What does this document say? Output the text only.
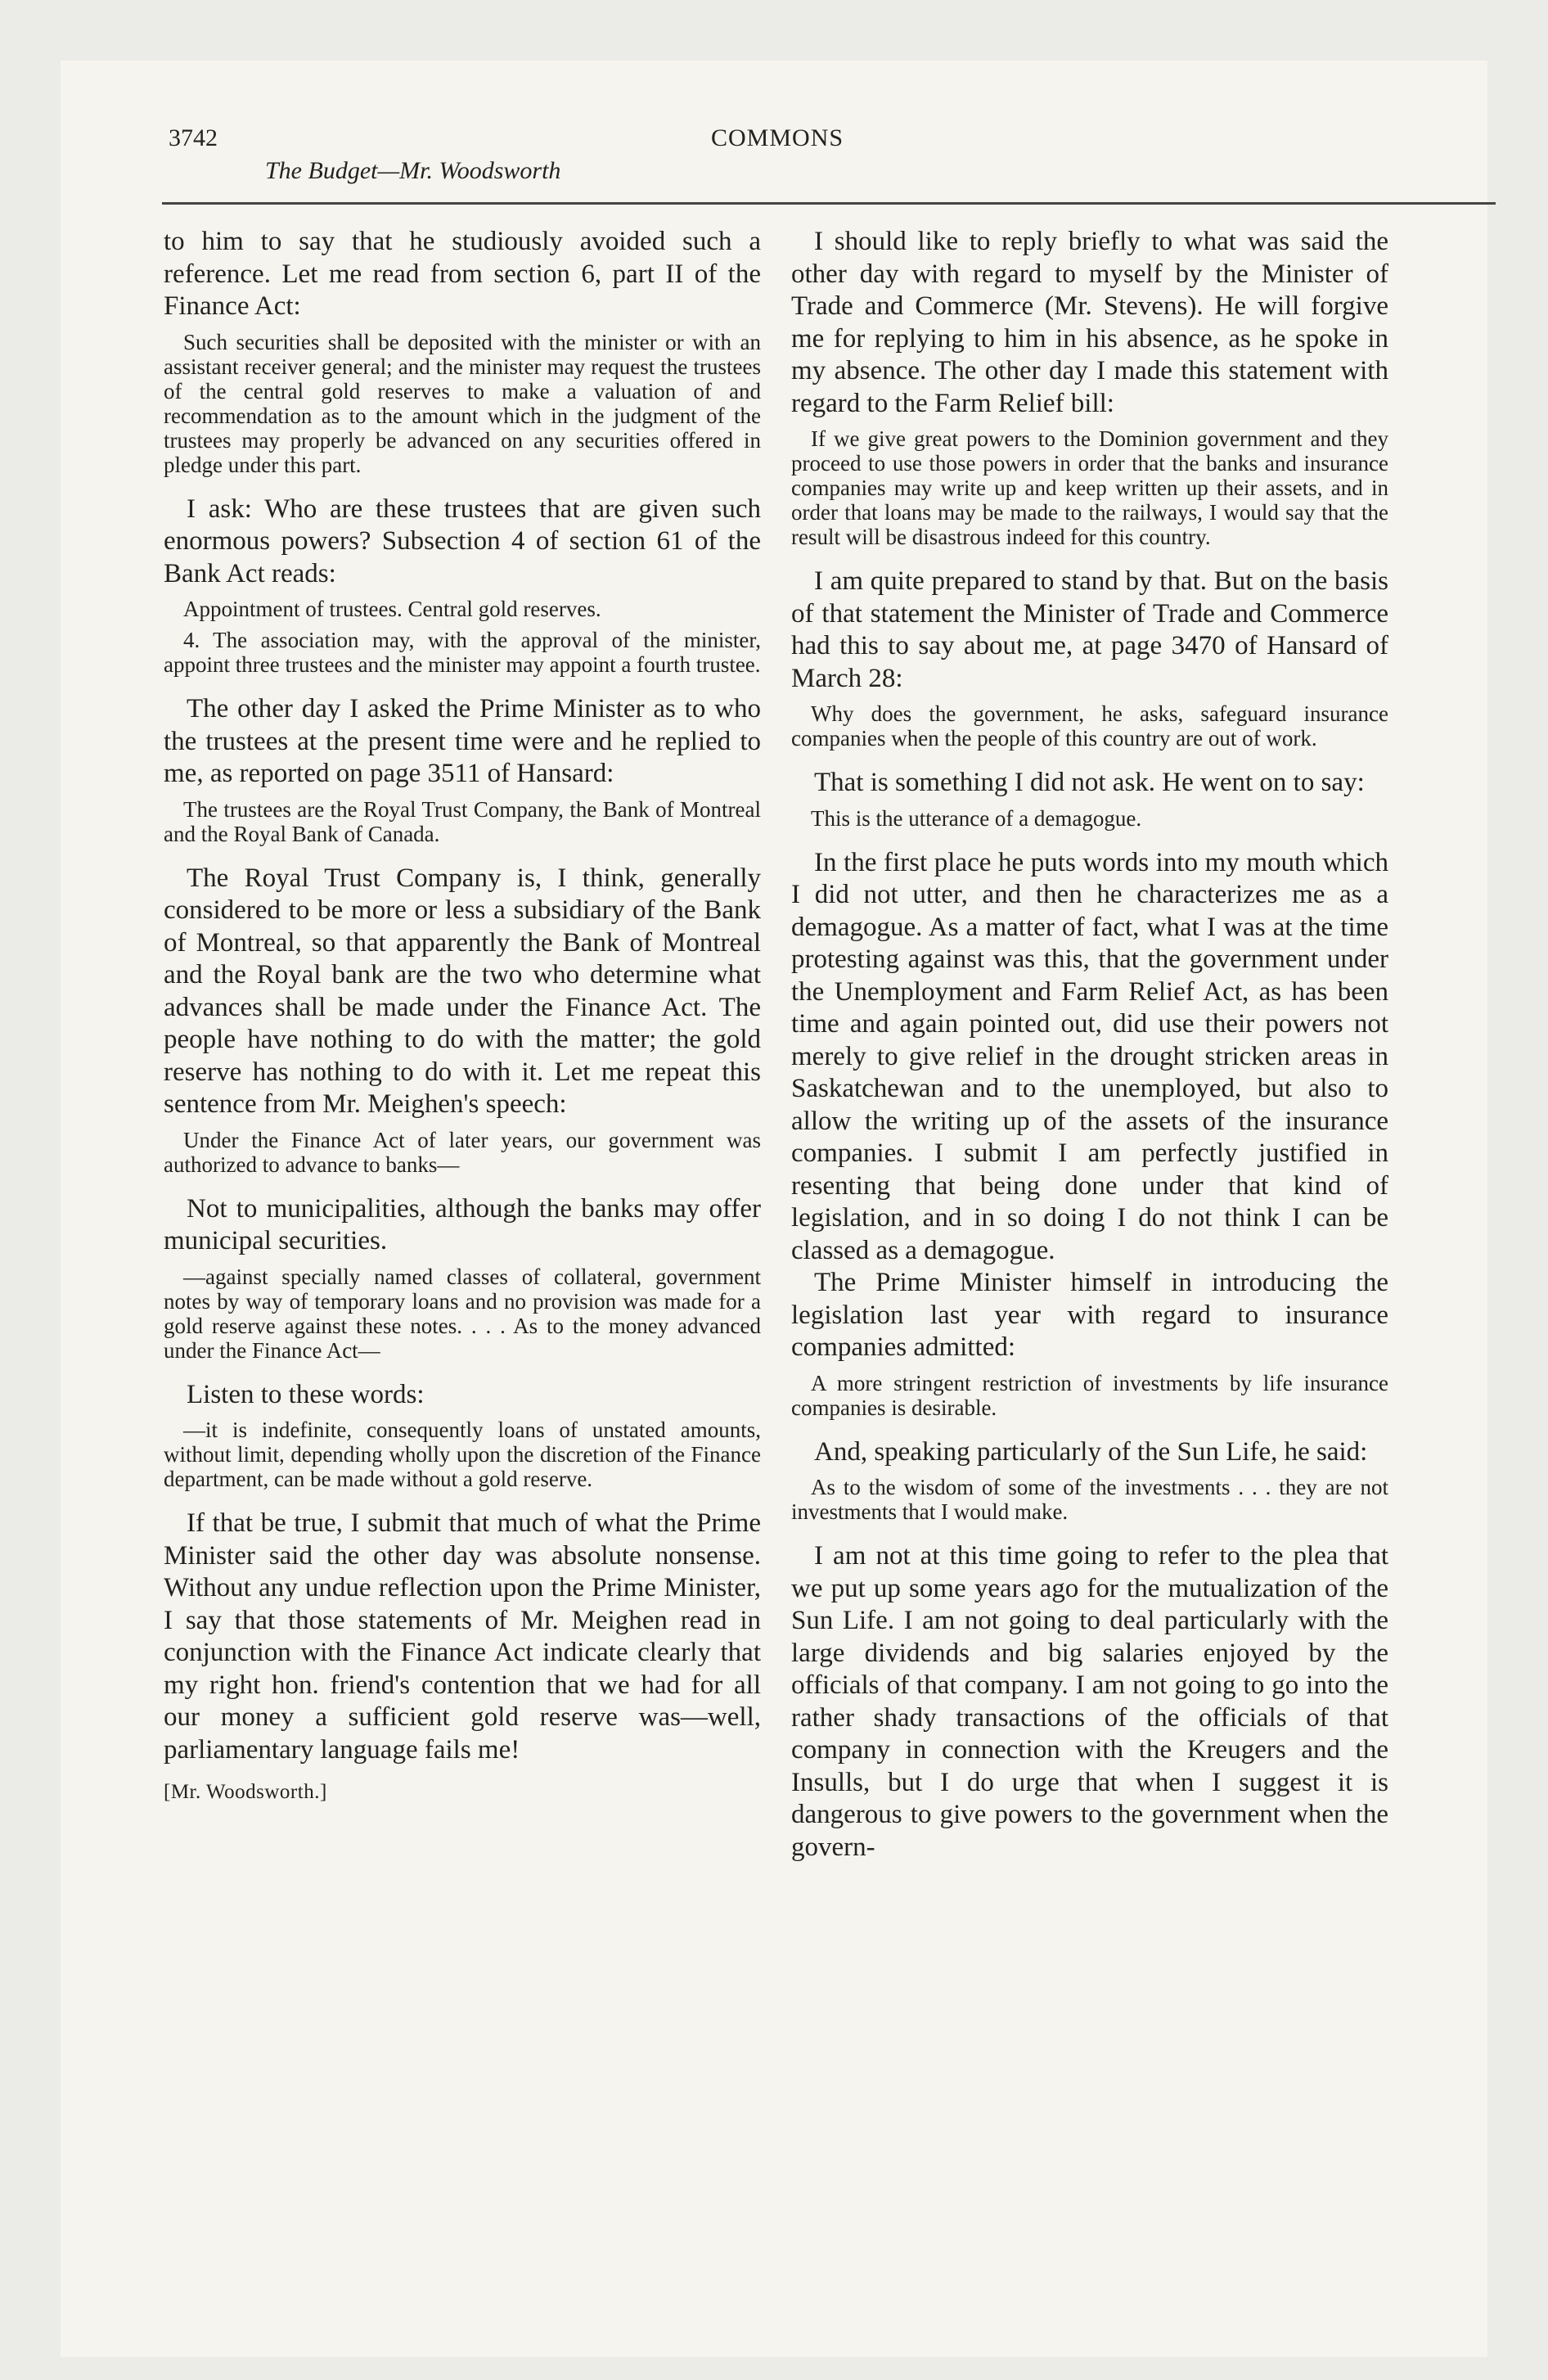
3742
The Budget—Mr. Woodsworth
COMMONS

to him to say that he studiously avoided such a reference. Let me read from section 6, part II of the Finance Act:

Such securities shall be deposited with the minister or with an assistant receiver general; and the minister may request the trustees of the central gold reserves to make a valuation of and recommendation as to the amount which in the judgment of the trustees may properly be advanced on any securities offered in pledge under this part.

I ask: Who are these trustees that are given such enormous powers? Subsection 4 of section 61 of the Bank Act reads:

Appointment of trustees. Central gold reserves.

4. The association may, with the approval of the minister, appoint three trustees and the minister may appoint a fourth trustee.

The other day I asked the Prime Minister as to who the trustees at the present time were and he replied to me, as reported on page 3511 of Hansard:

The trustees are the Royal Trust Company, the Bank of Montreal and the Royal Bank of Canada.

The Royal Trust Company is, I think, generally considered to be more or less a subsidiary of the Bank of Montreal, so that apparently the Bank of Montreal and the Royal bank are the two who determine what advances shall be made under the Finance Act. The people have nothing to do with the matter; the gold reserve has nothing to do with it. Let me repeat this sentence from Mr. Meighen's speech:

Under the Finance Act of later years, our government was authorized to advance to banks—

Not to municipalities, although the banks may offer municipal securities.

—against specially named classes of collateral, government notes by way of temporary loans and no provision was made for a gold reserve against these notes. . . . As to the money advanced under the Finance Act—

Listen to these words:

—it is indefinite, consequently loans of unstated amounts, without limit, depending wholly upon the discretion of the Finance department, can be made without a gold reserve.

If that be true, I submit that much of what the Prime Minister said the other day was absolute nonsense. Without any undue reflection upon the Prime Minister, I say that those statements of Mr. Meighen read in conjunction with the Finance Act indicate clearly that my right hon. friend's contention that we had for all our money a sufficient gold reserve was—well, parliamentary language fails me!

[Mr. Woodsworth.]

I should like to reply briefly to what was said the other day with regard to myself by the Minister of Trade and Commerce (Mr. Stevens). He will forgive me for replying to him in his absence, as he spoke in my absence. The other day I made this statement with regard to the Farm Relief bill:

If we give great powers to the Dominion government and they proceed to use those powers in order that the banks and insurance companies may write up and keep written up their assets, and in order that loans may be made to the railways, I would say that the result will be disastrous indeed for this country.

I am quite prepared to stand by that. But on the basis of that statement the Minister of Trade and Commerce had this to say about me, at page 3470 of Hansard of March 28:

Why does the government, he asks, safeguard insurance companies when the people of this country are out of work.

That is something I did not ask. He went on to say:

This is the utterance of a demagogue.

In the first place he puts words into my mouth which I did not utter, and then he characterizes me as a demagogue. As a matter of fact, what I was at the time protesting against was this, that the government under the Unemployment and Farm Relief Act, as has been time and again pointed out, did use their powers not merely to give relief in the drought stricken areas in Saskatchewan and to the unemployed, but also to allow the writing up of the assets of the insurance companies. I submit I am perfectly justified in resenting that being done under that kind of legislation, and in so doing I do not think I can be classed as a demagogue.

The Prime Minister himself in introducing the legislation last year with regard to insurance companies admitted:

A more stringent restriction of investments by life insurance companies is desirable.

And, speaking particularly of the Sun Life, he said:

As to the wisdom of some of the investments . . . they are not investments that I would make.

I am not at this time going to refer to the plea that we put up some years ago for the mutualization of the Sun Life. I am not going to deal particularly with the large dividends and big salaries enjoyed by the officials of that company. I am not going to go into the rather shady transactions of the officials of that company in connection with the Kreugers and the Insulls, but I do urge that when I suggest it is dangerous to give powers to the government when the govern-
